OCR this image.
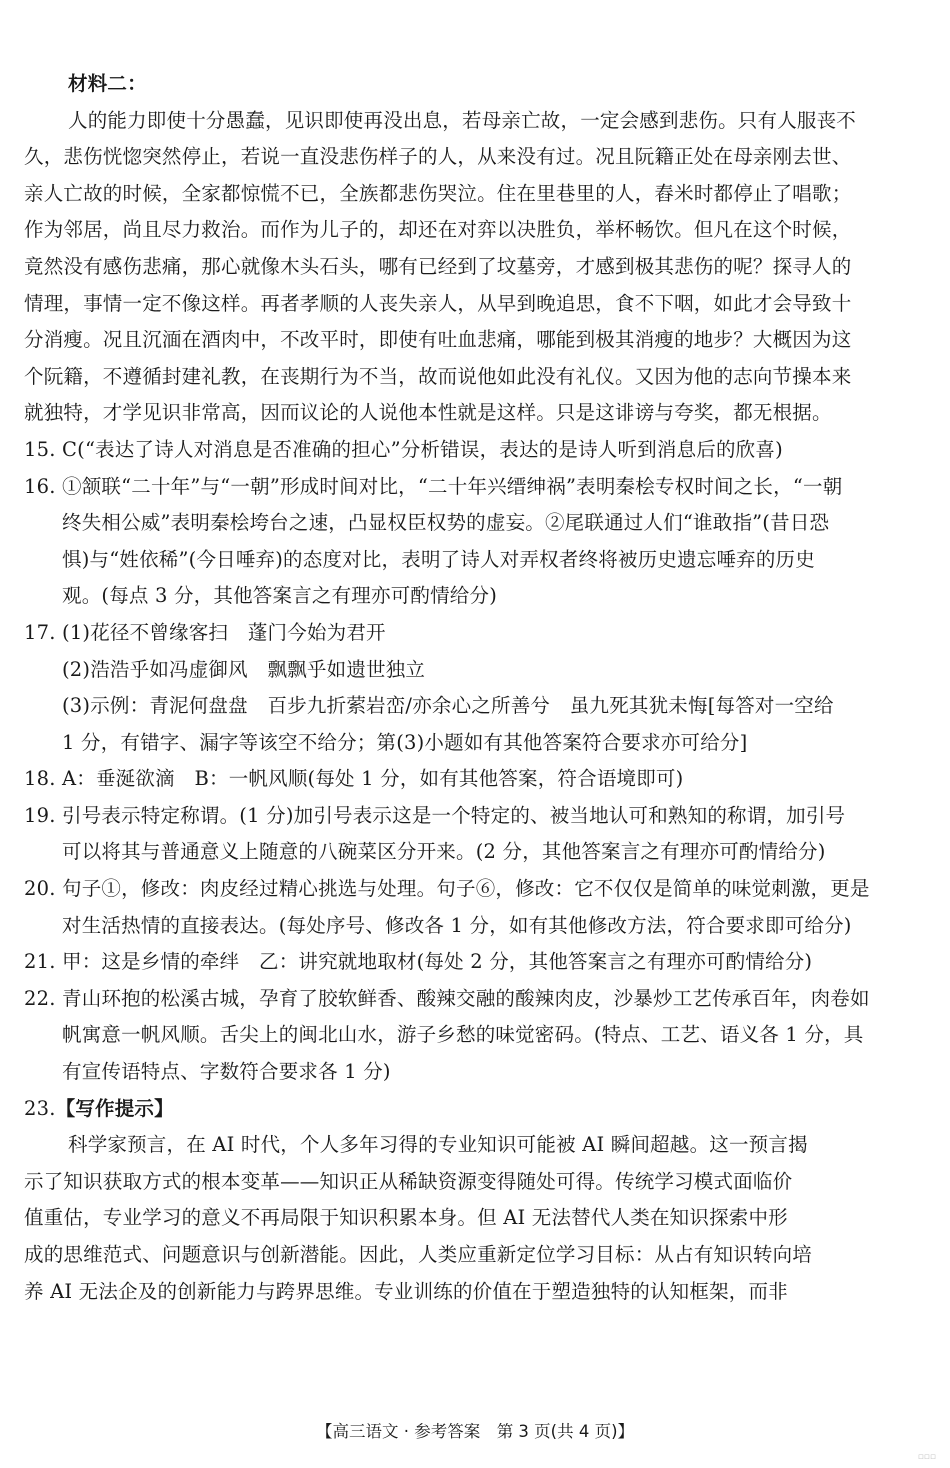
材料二：
人的能力即使十分愚蠢，见识即使再没出息，若母亲亡故，一定会感到悲伤。只有人服丧不
久，悲伤恍惚突然停止，若说一直没悲伤样子的人，从来没有过。况且阮籍正处在母亲刚去世、
亲人亡故的时候，全家都惊慌不已，全族都悲伤哭泣。住在里巷里的人，舂米时都停止了唱歌；
作为邻居，尚且尽力救治。而作为儿子的，却还在对弈以决胜负，举杯畅饮。但凡在这个时候，
竟然没有感伤悲痛，那心就像木头石头，哪有已经到了坟墓旁，才感到极其悲伤的呢？探寻人的
情理，事情一定不像这样。再者孝顺的人丧失亲人，从早到晚追思，食不下咽，如此才会导致十
分消瘦。况且沉湎在酒肉中，不改平时，即使有吐血悲痛，哪能到极其消瘦的地步？大概因为这
个阮籍，不遵循封建礼教，在丧期行为不当，故而说他如此没有礼仪。又因为他的志向节操本来
就独特，才学见识非常高，因而议论的人说他本性就是这样。只是这诽谤与夸奖，都无根据。
15. C(“表达了诗人对消息是否准确的担心”分析错误，表达的是诗人听到消息后的欣喜)
16. ①颔联“二十年”与“一朝”形成时间对比，“二十年兴缙绅祸”表明秦桧专权时间之长，“一朝
终失相公威”表明秦桧垮台之速，凸显权臣权势的虚妄。②尾联通过人们“谁敢指”(昔日恐
惧)与“姓依稀”(今日唾弃)的态度对比，表明了诗人对弄权者终将被历史遗忘唾弃的历史
观。(每点 3 分，其他答案言之有理亦可酌情给分)
17. (1)花径不曾缘客扫　蓬门今始为君开
(2)浩浩乎如冯虚御风　飘飘乎如遗世独立
(3)示例：青泥何盘盘　百步九折萦岩峦/亦余心之所善兮　虽九死其犹未悔[每答对一空给
1 分，有错字、漏字等该空不给分；第(3)小题如有其他答案符合要求亦可给分]
18. A：垂涎欲滴　B：一帆风顺(每处 1 分，如有其他答案，符合语境即可)
19. 引号表示特定称谓。(1 分)加引号表示这是一个特定的、被当地认可和熟知的称谓，加引号
可以将其与普通意义上随意的八碗菜区分开来。(2 分，其他答案言之有理亦可酌情给分)
20. 句子①，修改：肉皮经过精心挑选与处理。句子⑥，修改：它不仅仅是简单的味觉刺激，更是
对生活热情的直接表达。(每处序号、修改各 1 分，如有其他修改方法，符合要求即可给分)
21. 甲：这是乡情的牵绊　乙：讲究就地取材(每处 2 分，其他答案言之有理亦可酌情给分)
22. 青山环抱的松溪古城，孕育了胶软鲜香、酸辣交融的酸辣肉皮，沙暴炒工艺传承百年，肉卷如
帆寓意一帆风顺。舌尖上的闽北山水，游子乡愁的味觉密码。(特点、工艺、语义各 1 分，具
有宣传语特点、字数符合要求各 1 分)
23.【写作提示】
科学家预言，在 AI 时代，个人多年习得的专业知识可能被 AI 瞬间超越。这一预言揭
示了知识获取方式的根本变革——知识正从稀缺资源变得随处可得。传统学习模式面临价
值重估，专业学习的意义不再局限于知识积累本身。但 AI 无法替代人类在知识探索中形
成的思维范式、问题意识与创新潜能。因此，人类应重新定位学习目标：从占有知识转向培
养 AI 无法企及的创新能力与跨界思维。专业训练的价值在于塑造独特的认知框架，而非
【高三语文 · 参考答案　第 3 页(共 4 页)】
▫▫▫
